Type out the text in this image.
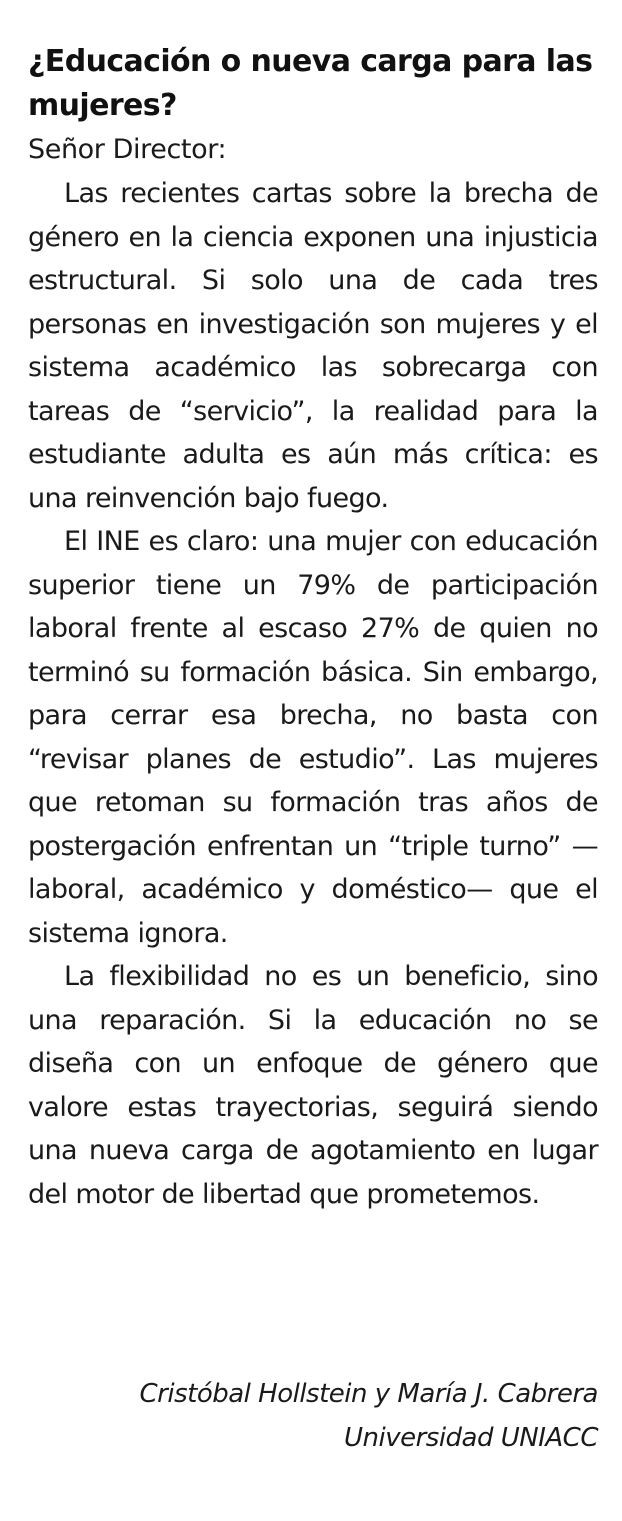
¿Educación o nueva carga para las mujeres?

Señor Director:

Las recientes cartas sobre la brecha de género en la ciencia exponen una injusticia estructural. Si solo una de cada tres personas en investigación son mujeres y el sistema académico las sobrecarga con tareas de “servicio”, la realidad para la estudiante adulta es aún más crítica: es una reinvención bajo fuego.

El INE es claro: una mujer con educación superior tiene un 79% de participación laboral frente al escaso 27% de quien no terminó su formación básica. Sin embargo, para cerrar esa brecha, no basta con “revisar planes de estudio”. Las mujeres que retoman su formación tras años de postergación enfrentan un “triple turno” —laboral, académico y doméstico— que el sistema ignora.

La flexibilidad no es un beneficio, sino una reparación. Si la educación no se diseña con un enfoque de género que valore estas trayectorias, seguirá siendo una nueva carga de agotamiento en lugar del motor de libertad que prometemos.

Cristóbal Hollstein y María J. Cabrera
Universidad UNIACC
